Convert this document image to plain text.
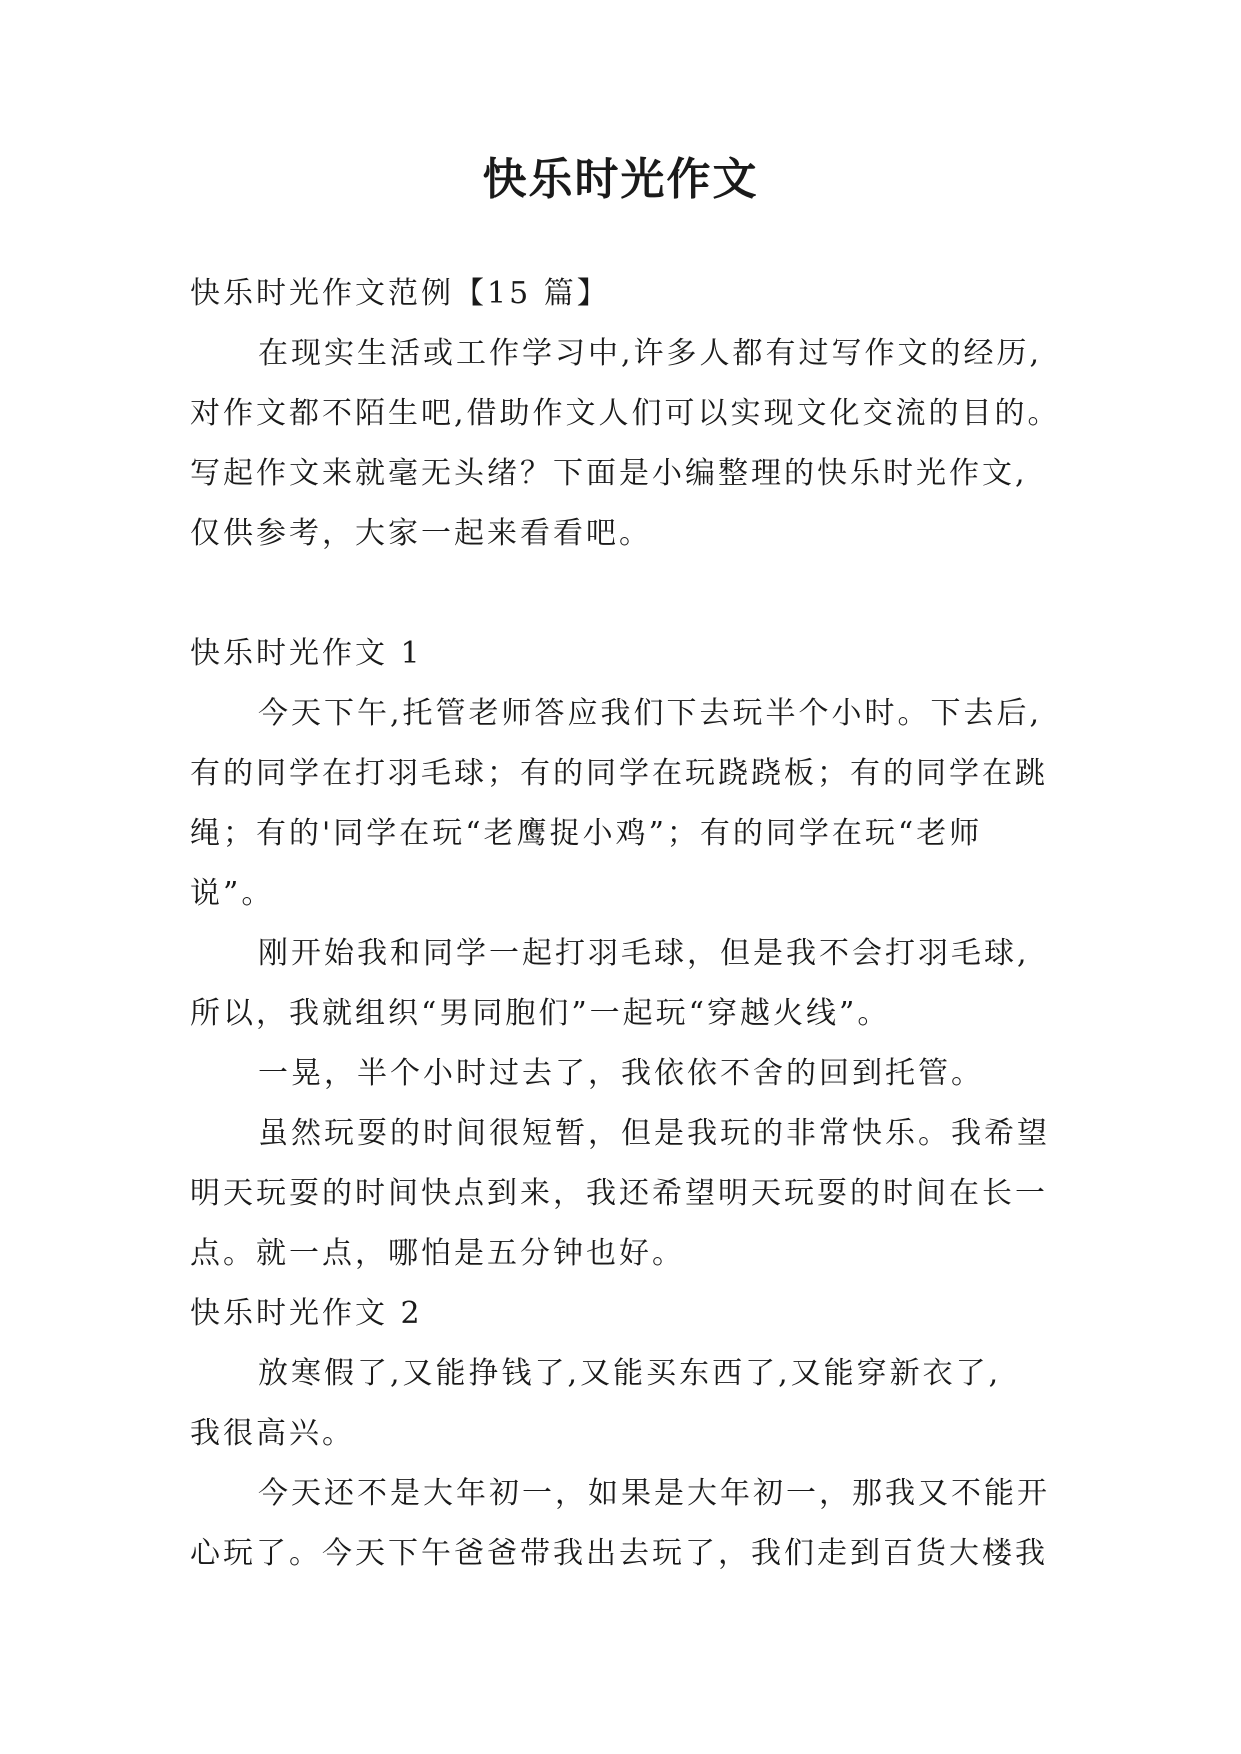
快乐时光作文

快乐时光作文范例【15 篇】

在现实生活或工作学习中,许多人都有过写作文的经历,

对作文都不陌生吧,借助作文人们可以实现文化交流的目的。

写起作文来就毫无头绪？下面是小编整理的快乐时光作文,

仅供参考，大家一起来看看吧。

快乐时光作文 1

今天下午,托管老师答应我们下去玩半个小时。下去后,

有的同学在打羽毛球；有的同学在玩跷跷板；有的同学在跳

绳；有的'同学在玩“老鹰捉小鸡”；有的同学在玩“老师

说”。

刚开始我和同学一起打羽毛球，但是我不会打羽毛球,

所以，我就组织“男同胞们”一起玩“穿越火线”。

一晃，半个小时过去了，我依依不舍的回到托管。

虽然玩耍的时间很短暂，但是我玩的非常快乐。我希望

明天玩耍的时间快点到来，我还希望明天玩耍的时间在长一

点。就一点，哪怕是五分钟也好。

快乐时光作文 2

放寒假了,又能挣钱了,又能买东西了,又能穿新衣了,

我很高兴。

今天还不是大年初一，如果是大年初一，那我又不能开

心玩了。今天下午爸爸带我出去玩了，我们走到百货大楼我
